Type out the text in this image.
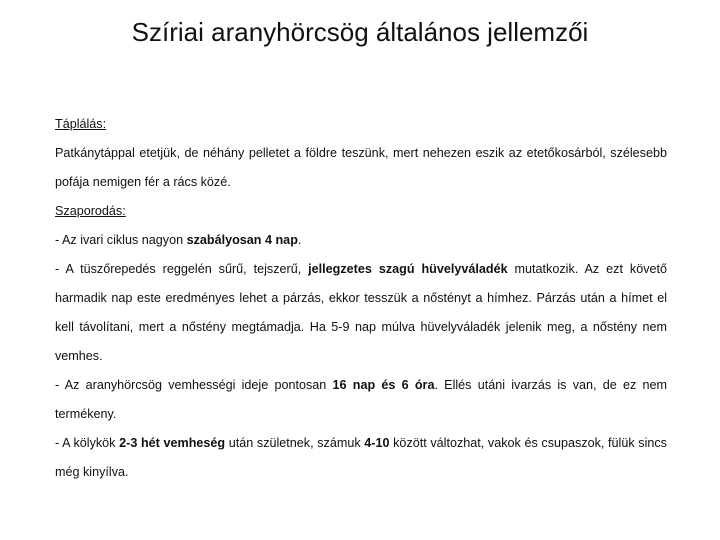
Szíriai aranyhörcsög általános jellemzői

Táplálás:

Patkánytáppal etetjük, de néhány pelletet a földre teszünk, mert nehezen eszik az etetőkosárból, szélesebb pofája nemigen fér a rács közé.

Szaporodás:

- Az ivari ciklus nagyon szabályosan 4 nap.

- A tüszőrepedés reggelén sűrű, tejszerű, jellegzetes szagú hüvelyváladék mutatkozik. Az ezt követő harmadik nap este eredményes lehet a párzás, ekkor tesszük a nőstényt a hímhez. Párzás után a hímet el kell távolítani, mert a nőstény megtámadja. Ha 5-9 nap múlva hüvelyváladék jelenik meg, a nőstény nem vemhes.

- Az aranyhörcsög vemhességi ideje pontosan 16 nap és 6 óra. Ellés utáni ivarzás is van, de ez nem termékeny.

- A kölykök 2-3 hét vemheség után születnek, számuk 4-10 között változhat, vakok és csupaszok, fülük sincs még kinyílva.
